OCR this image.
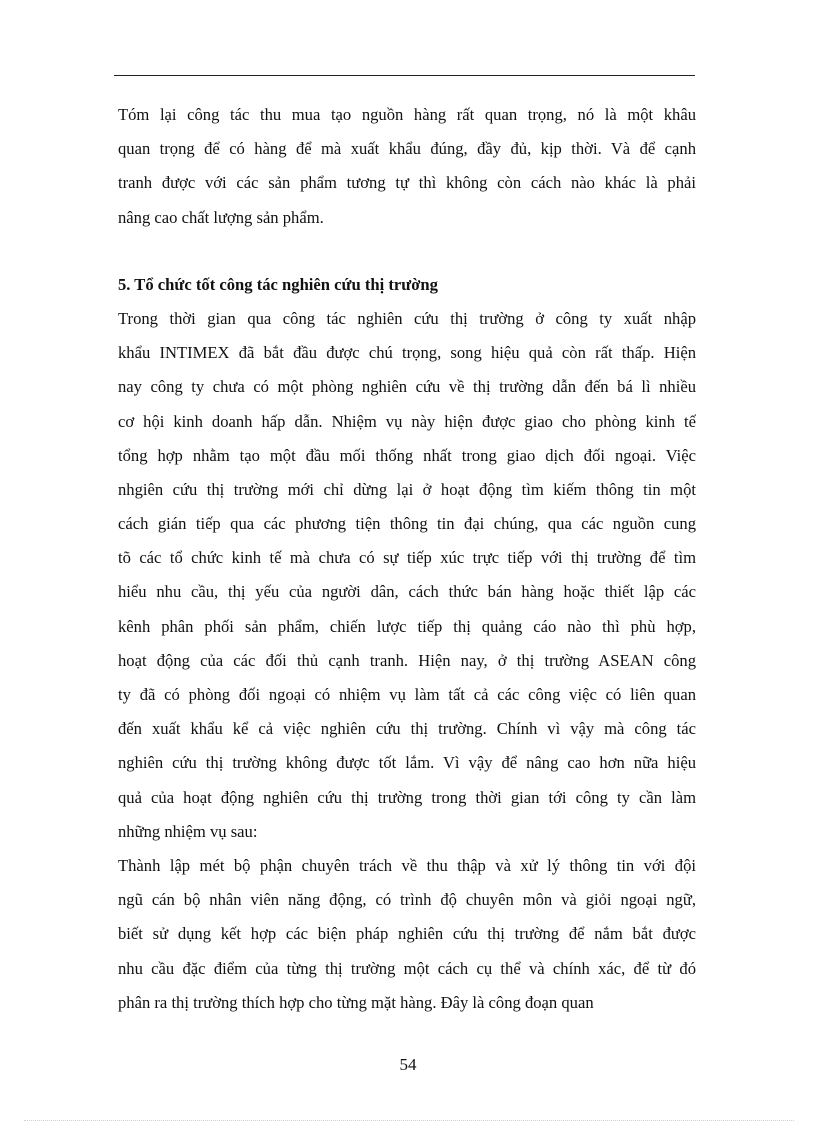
Tóm lại công tác thu mua tạo nguồn hàng rất quan trọng, nó là một khâu
quan trọng để có hàng để mà xuất khẩu đúng, đầy đủ, kịp thời. Và để cạnh
tranh được với các sản phẩm tương tự thì không còn cách nào khác là phải
nâng cao chất lượng sản phẩm.
5. Tổ chức tốt công tác nghiên cứu thị trường
Trong thời gian qua công tác nghiên cứu thị trường ở công ty xuất nhập
khẩu INTIMEX đã bắt đầu được chú trọng, song hiệu quả còn rất thấp. Hiện
nay công ty chưa có một phòng nghiên cứu về thị trường dẫn đến bá lì nhiều
cơ hội kinh doanh hấp dẫn. Nhiệm vụ này hiện được giao cho phòng kinh tế
tổng hợp nhằm tạo một đầu mối thống nhất trong giao dịch đối ngoại. Việc
nhgiên cứu thị trường mới chỉ dừng lại ở hoạt động tìm kiếm thông tin một
cách gián tiếp qua các phương tiện thông tin đại chúng, qua các nguồn cung
tõ các tổ chức kinh tế mà chưa có sự tiếp xúc trực tiếp với thị trường để tìm
hiểu nhu cầu, thị yếu của người dân, cách thức bán hàng hoặc thiết lập các
kênh phân phối sản phẩm, chiến lược tiếp thị quảng cáo nào thì phù hợp,
hoạt động của các đối thủ cạnh tranh. Hiện nay, ở thị trường ASEAN công
ty đã có phòng đối ngoại có nhiệm vụ làm tất cả các công việc có liên quan
đến xuất khẩu kể cả việc nghiên cứu thị trường. Chính vì vậy mà công tác
nghiên cứu thị trường không được tốt lắm. Vì vậy để nâng cao hơn nữa hiệu
quả của hoạt động nghiên cứu thị trường trong thời gian tới công ty cần làm
những nhiệm vụ sau:
Thành lập mét bộ phận chuyên trách về thu thập và xử lý thông tin với đội
ngũ cán bộ nhân viên năng động, có trình độ chuyên môn và giỏi ngoại ngữ,
biết sử dụng kết hợp các biện pháp nghiên cứu thị trường để nắm bắt được
nhu cầu đặc điểm của từng thị trường một cách cụ thể và chính xác, để từ đó
phân ra thị trường thích hợp cho từng mặt hàng. Đây là công đoạn quan
54
